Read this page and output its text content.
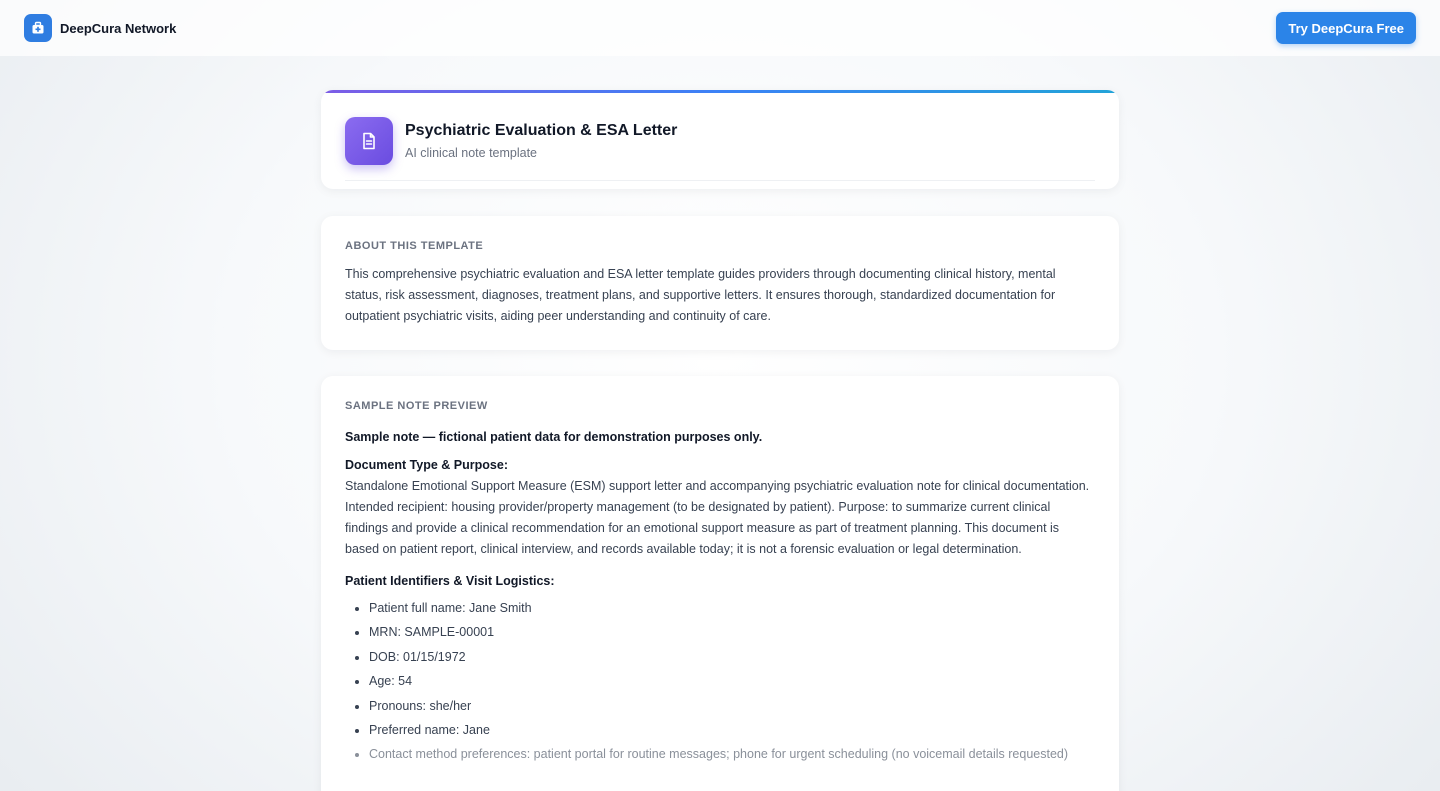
DeepCura Network	Try DeepCura Free
Psychiatric Evaluation & ESA Letter
AI clinical note template
ABOUT THIS TEMPLATE

This comprehensive psychiatric evaluation and ESA letter template guides providers through documenting clinical history, mental status, risk assessment, diagnoses, treatment plans, and supportive letters. It ensures thorough, standardized documentation for outpatient psychiatric visits, aiding peer understanding and continuity of care.

SAMPLE NOTE PREVIEW
Sample note — fictional patient data for demonstration purposes only.
Document Type & Purpose:

Standalone Emotional Support Measure (ESM) support letter and accompanying psychiatric evaluation note for clinical documentation. Intended recipient: housing provider/property management (to be designated by patient). Purpose: to summarize current clinical findings and provide a clinical recommendation for an emotional support measure as part of treatment planning. This document is based on patient report, clinical interview, and records available today; it is not a forensic evaluation or legal determination.

Patient Identifiers & Visit Logistics:
• Patient full name: Jane Smith
• MRN: SAMPLE-00001
• DOB: 01/15/1972
• Age: 54
• Pronouns: she/her
• Preferred name: Jane
• Contact method preferences: patient portal for routine messages; phone for urgent scheduling (no voicemail details requested)
